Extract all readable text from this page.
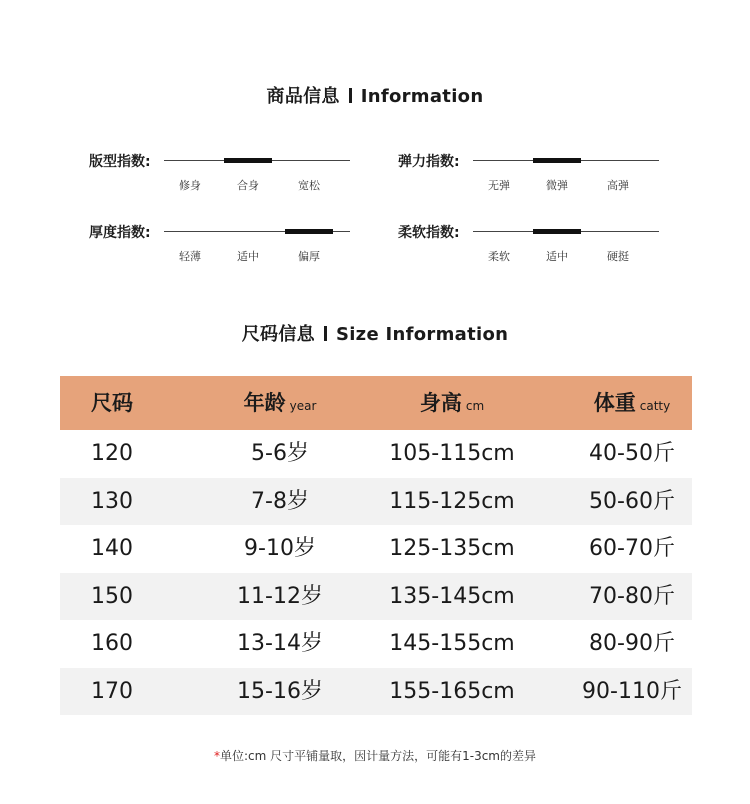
商品信息 Information
版型指数:
修身	合身	宽松
弹力指数:
无弹	微弹	高弹
厚度指数:
轻薄	适中	偏厚
柔软指数:
柔软	适中	硬挺
尺码信息 Size Information
尺码	年龄 year	身高 cm	体重 catty
120	5-6岁	105-115cm	40-50斤
130	7-8岁	115-125cm	50-60斤
140	9-10岁	125-135cm	60-70斤
150	11-12岁	135-145cm	70-80斤
160	13-14岁	145-155cm	80-90斤
170	15-16岁	155-165cm	90-110斤
*单位:cm 尺寸平铺量取，因计量方法，可能有1-3cm的差异
